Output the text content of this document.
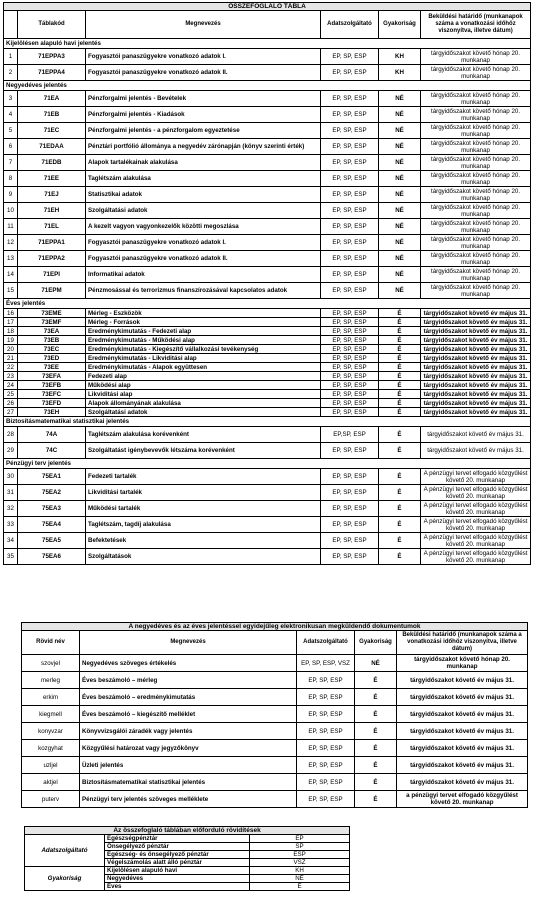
ÖSSZEFOGLALÓ TÁBLA					
	Táblakód	Megnevezés	Adatszolgáltató	Gyakoriság	Beküldési határidő (munkanapok száma a vonatkozási időhöz viszonyítva, illetve dátum)
Kijelölésen alapuló havi jelentés					
1	71EPPA3	Fogyasztói panaszügyekre vonatkozó adatok I.	EP, SP, ESP	KH	tárgyidőszakot követő hónap 20. munkanap
2	71EPPA4	Fogyasztói panaszügyekre vonatkozó adatok II.	EP, SP, ESP	KH	tárgyidőszakot követő hónap 20. munkanap
Negyedéves jelentés					
3	71EA	Pénzforgalmi jelentés - Bevételek	EP, SP, ESP	NÉ	tárgyidőszakot követő hónap 20. munkanap
4	71EB	Pénzforgalmi jelentés - Kiadások	EP, SP, ESP	NÉ	tárgyidőszakot követő hónap 20. munkanap
5	71EC	Pénzforgalmi jelentés - a pénzforgalom egyeztetése	EP, SP, ESP	NÉ	tárgyidőszakot követő hónap 20. munkanap
6	71EDAA	Pénztári portfólió állománya a negyedév zárónapján (könyv szerinti érték)	EP, SP, ESP	NÉ	tárgyidőszakot követő hónap 20. munkanap
7	71EDB	Alapok tartalékainak alakulása	EP, SP, ESP	NÉ	tárgyidőszakot követő hónap 20. munkanap
8	71EE	Taglétszám alakulása	EP, SP, ESP	NÉ	tárgyidőszakot követő hónap 20. munkanap
9	71EJ	Statisztikai adatok	EP, SP, ESP	NÉ	tárgyidőszakot követő hónap 20. munkanap
10	71EH	Szolgáltatási adatok	EP, SP, ESP	NÉ	tárgyidőszakot követő hónap 20. munkanap
11	71EL	A kezelt vagyon vagyonkezelők közötti megoszlása	EP, SP, ESP	NÉ	tárgyidőszakot követő hónap 20. munkanap
12	71EPPA1	Fogyasztói panaszügyekre vonatkozó adatok I.	EP, SP, ESP	NÉ	tárgyidőszakot követő hónap 20. munkanap
13	71EPPA2	Fogyasztói panaszügyekre vonatkozó adatok II.	EP, SP, ESP	NÉ	tárgyidőszakot követő hónap 20. munkanap
14	71EPI	Informatikai adatok	EP, SP, ESP	NÉ	tárgyidőszakot követő hónap 20. munkanap
15	71EPM	Pénzmosással és terrorizmus finanszírozásával kapcsolatos adatok	EP, SP, ESP	NÉ	tárgyidőszakot követő hónap 20. munkanap
Éves jelentés					
16	73EME	Mérleg - Eszközök	EP, SP, ESP	É	tárgyidőszakot követő év május 31.
17	73EMF	Mérleg - Források	EP, SP, ESP	É	tárgyidőszakot követő év május 31.
18	73EA	Eredménykimutatás - Fedezeti alap	EP, SP, ESP	É	tárgyidőszakot követő év május 31.
19	73EB	Eredménykimutatás - Működési alap	EP, SP, ESP	É	tárgyidőszakot követő év május 31.
20	73EC	Eredménykimutatás - Kiegészítő vállalkozási tevékenység	EP, SP, ESP	É	tárgyidőszakot követő év május 31.
21	73ED	Eredménykimutatás - Likviditási alap	EP, SP, ESP	É	tárgyidőszakot követő év május 31.
22	73EE	Eredménykimutatás - Alapok együttesen	EP, SP, ESP	É	tárgyidőszakot követő év május 31.
23	73EFA	Fedezeti alap	EP, SP, ESP	É	tárgyidőszakot követő év május 31.
24	73EFB	Működési alap	EP, SP, ESP	É	tárgyidőszakot követő év május 31.
25	73EFC	Likviditási alap	EP, SP, ESP	É	tárgyidőszakot követő év május 31.
26	73EFD	Alapok állományának alakulása	EP, SP, ESP	É	tárgyidőszakot követő év május 31.
27	73EH	Szolgáltatási adatok	EP, SP, ESP	É	tárgyidőszakot követő év május 31.
Biztosításmatematikai statisztikai jelentés					
28	74A	Taglétszám alakulása korévenként	EP,SP, ESP	É	tárgyidőszakot követő év május 31.
29	74C	Szolgáltatást igénybevevők létszáma korévenként	EP, SP, ESP	É	tárgyidőszakot követő év május 31.
Pénzügyi terv jelentés					
30	75EA1	Fedezeti tartalék	EP, SP, ESP	É	A pénzügyi tervet elfogadó közgyűlést követő 20. munkanap
31	75EA2	Likviditási tartalék	EP, SP, ESP	É	A pénzügyi tervet elfogadó közgyűlést követő 20. munkanap
32	75EA3	Működési tartalék	EP, SP, ESP	É	A pénzügyi tervet elfogadó közgyűlést követő 20. munkanap
33	75EA4	Taglétszám, tagdíj alakulása	EP, SP, ESP	É	A pénzügyi tervet elfogadó közgyűlést követő 20. munkanap
34	75EA5	Befektetések	EP, SP, ESP	É	A pénzügyi tervet elfogadó közgyűlést követő 20. munkanap
35	75EA6	Szolgáltatások	EP, SP, ESP	É	A pénzügyi tervet elfogadó közgyűlést követő 20. munkanap
A negyedéves és az éves jelentéssel egyidejűleg elektronikusan megküldendő dokumentumok				
Rövid név	Megnevezés	Adatszolgáltató	Gyakoriság	Beküldési határidő (munkanapok száma a vonatkozási időhöz viszonyítva, illetve dátum)
szovjel	Negyedéves szöveges értékelés	EP, SP, ESP, VSZ	NÉ	tárgyidőszakot követő hónap 20. munkanap
merleg	Éves beszámoló – mérleg	EP, SP, ESP	É	tárgyidőszakot követő év május 31.
erkim	Éves beszámoló – eredménykimutatás	EP, SP, ESP	É	tárgyidőszakot követő év május 31.
kiegmell	Éves beszámoló – kiegészítő melléklet	EP, SP, ESP	É	tárgyidőszakot követő év május 31.
konyvzar	Könyvvizsgálói záradék vagy jelentés	EP, SP, ESP	É	tárgyidőszakot követő év május 31.
kozgyhat	Közgyűlési határozat vagy jegyzőkönyv	EP, SP, ESP	É	tárgyidőszakot követő év május 31.
uzljel	Üzleti jelentés	EP, SP, ESP	É	tárgyidőszakot követő év május 31.
aktjel	Biztosításmatematikai statisztikai jelentés	EP, SP, ESP	É	tárgyidőszakot követő év május 31.
puterv	Pénzügyi terv jelentés szöveges melléklete	EP, SP, ESP	É	a pénzügyi tervet elfogadó közgyűlést követő 20. munkanap
Az összefoglaló táblában előforduló rövidítések		
Adatszolgáltató	Egészségpénztár	EP
	Önsegélyező pénztár	SP
	Egészség- és önsegélyező pénztár	ESP
	Végelszámolás alatt álló pénztár	VSZ
Gyakoriság	Kijelölésen alapuló havi	KH
	Negyedéves	NÉ
	Éves	É
